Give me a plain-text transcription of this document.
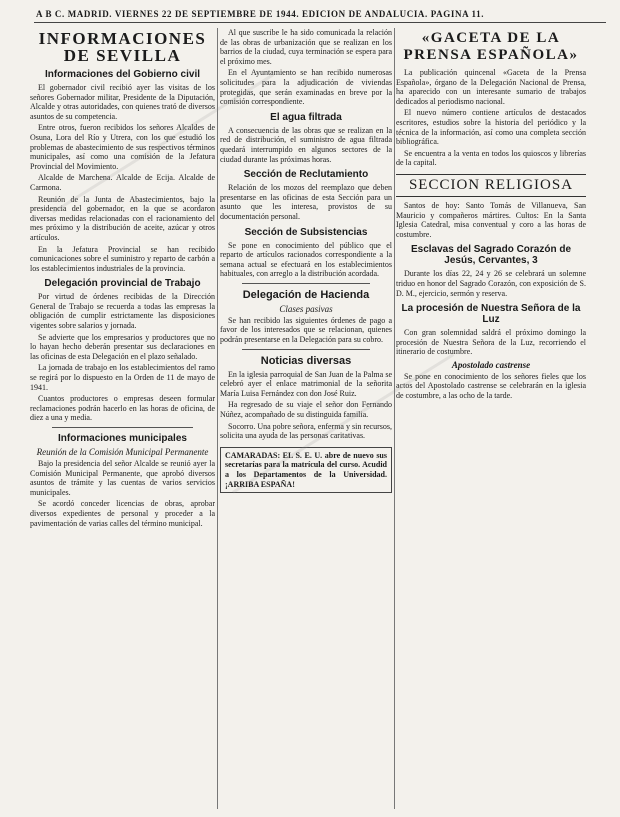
A B C. MADRID. VIERNES 22 DE SEPTIEMBRE DE 1944. EDICION DE ANDALUCIA. PAGINA 11.
INFORMACIONES DE SEVILLA
Informaciones del Gobierno civil

El gobernador civil recibió ayer las visitas de los señores Gobernador militar, Presidente de la Diputación, Alcalde y otras autoridades, con quienes trató de diversos asuntos de su competencia.

Entre otros, fueron recibidos los señores Alcaldes de Osuna, Lora del Río y Utrera, con los que estudió los problemas de abastecimiento de sus respectivos términos municipales, así como una comisión de la Jefatura Provincial del Movimiento.

Alcalde de Marchena. Alcalde de Ecija. Alcalde de Carmona.

Reunión de la Junta de Abastecimientos, bajo la presidencia del gobernador, en la que se acordaron diversas medidas relacionadas con el racionamiento del mes próximo y la distribución de aceite, azúcar y otros artículos.

En la Jefatura Provincial se han recibido comunicaciones sobre el suministro y reparto de carbón a los establecimientos industriales de la provincia.

Delegación provincial de Trabajo

Por virtud de órdenes recibidas de la Dirección General de Trabajo se recuerda a todas las empresas la obligación de cumplir estrictamente las disposiciones vigentes sobre salarios y jornada.

Se advierte que los empresarios y productores que no lo hayan hecho deberán presentar sus declaraciones en las oficinas de esta Delegación en el plazo señalado.

La jornada de trabajo en los establecimientos del ramo se regirá por lo dispuesto en la Orden de 11 de mayo de 1941.

Cuantos productores o empresas deseen formular reclamaciones podrán hacerlo en las horas de oficina, de diez a una y media.

Informaciones municipales
Reunión de la Comisión Municipal Permanente

Bajo la presidencia del señor Alcalde se reunió ayer la Comisión Municipal Permanente, que aprobó diversos asuntos de trámite y las cuentas de varios servicios municipales.

Se acordó conceder licencias de obras, aprobar diversos expedientes de personal y proceder a la pavimentación de varias calles del término municipal.

Al que suscribe le ha sido comunicada la relación de las obras de urbanización que se realizan en los barrios de la ciudad, cuya terminación se espera para el próximo mes.

En el Ayuntamiento se han recibido numerosas solicitudes para la adjudicación de viviendas protegidas, que serán examinadas en breve por la comisión correspondiente.

El agua filtrada

A consecuencia de las obras que se realizan en la red de distribución, el suministro de agua filtrada quedará interrumpido en algunos sectores de la ciudad durante las próximas horas.

Sección de Reclutamiento

Relación de los mozos del reemplazo que deben presentarse en las oficinas de esta Sección para un asunto que les interesa, provistos de su documentación personal.

Sección de Subsistencias

Se pone en conocimiento del público que el reparto de artículos racionados correspondiente a la semana actual se efectuará en los establecimientos habituales, con arreglo a la distribución acordada.

Delegación de Hacienda
Clases pasivas

Se han recibido las siguientes órdenes de pago a favor de los interesados que se relacionan, quienes podrán presentarse en la Delegación para su cobro.

Noticias diversas

En la iglesia parroquial de San Juan de la Palma se celebró ayer el enlace matrimonial de la señorita María Luisa Fernández con don José Ruiz.

Ha regresado de su viaje el señor don Fernando Núñez, acompañado de su distinguida familia.

Socorro. Una pobre señora, enferma y sin recursos, solicita una ayuda de las personas caritativas.

CAMARADAS: EL S. E. U. abre de nuevo sus secretarías para la matrícula del curso. Acudid a los Departamentos de la Universidad. ¡ARRIBA ESPAÑA!
«GACETA DE LA PRENSA ESPAÑOLA»

La publicación quincenal «Gaceta de la Prensa Española», órgano de la Delegación Nacional de Prensa, ha aparecido con un interesante sumario de trabajos dedicados al periodismo nacional.

El nuevo número contiene artículos de destacados escritores, estudios sobre la historia del periódico y la técnica de la información, así como una completa sección bibliográfica.

Se encuentra a la venta en todos los quioscos y librerías de la capital.

SECCION RELIGIOSA

Santos de hoy: Santo Tomás de Villanueva, San Mauricio y compañeros mártires. Cultos: En la Santa Iglesia Catedral, misa conventual y coro a las horas de costumbre.

Esclavas del Sagrado Corazón de Jesús, Cervantes, 3

Durante los días 22, 24 y 26 se celebrará un solemne triduo en honor del Sagrado Corazón, con exposición de S. D. M., ejercicio, sermón y reserva.

La procesión de Nuestra Señora de la Luz

Con gran solemnidad saldrá el próximo domingo la procesión de Nuestra Señora de la Luz, recorriendo el itinerario de costumbre.

Apostolado castrense

Se pone en conocimiento de los señores fieles que los actos del Apostolado castrense se celebrarán en la iglesia de costumbre, a las ocho de la tarde.
